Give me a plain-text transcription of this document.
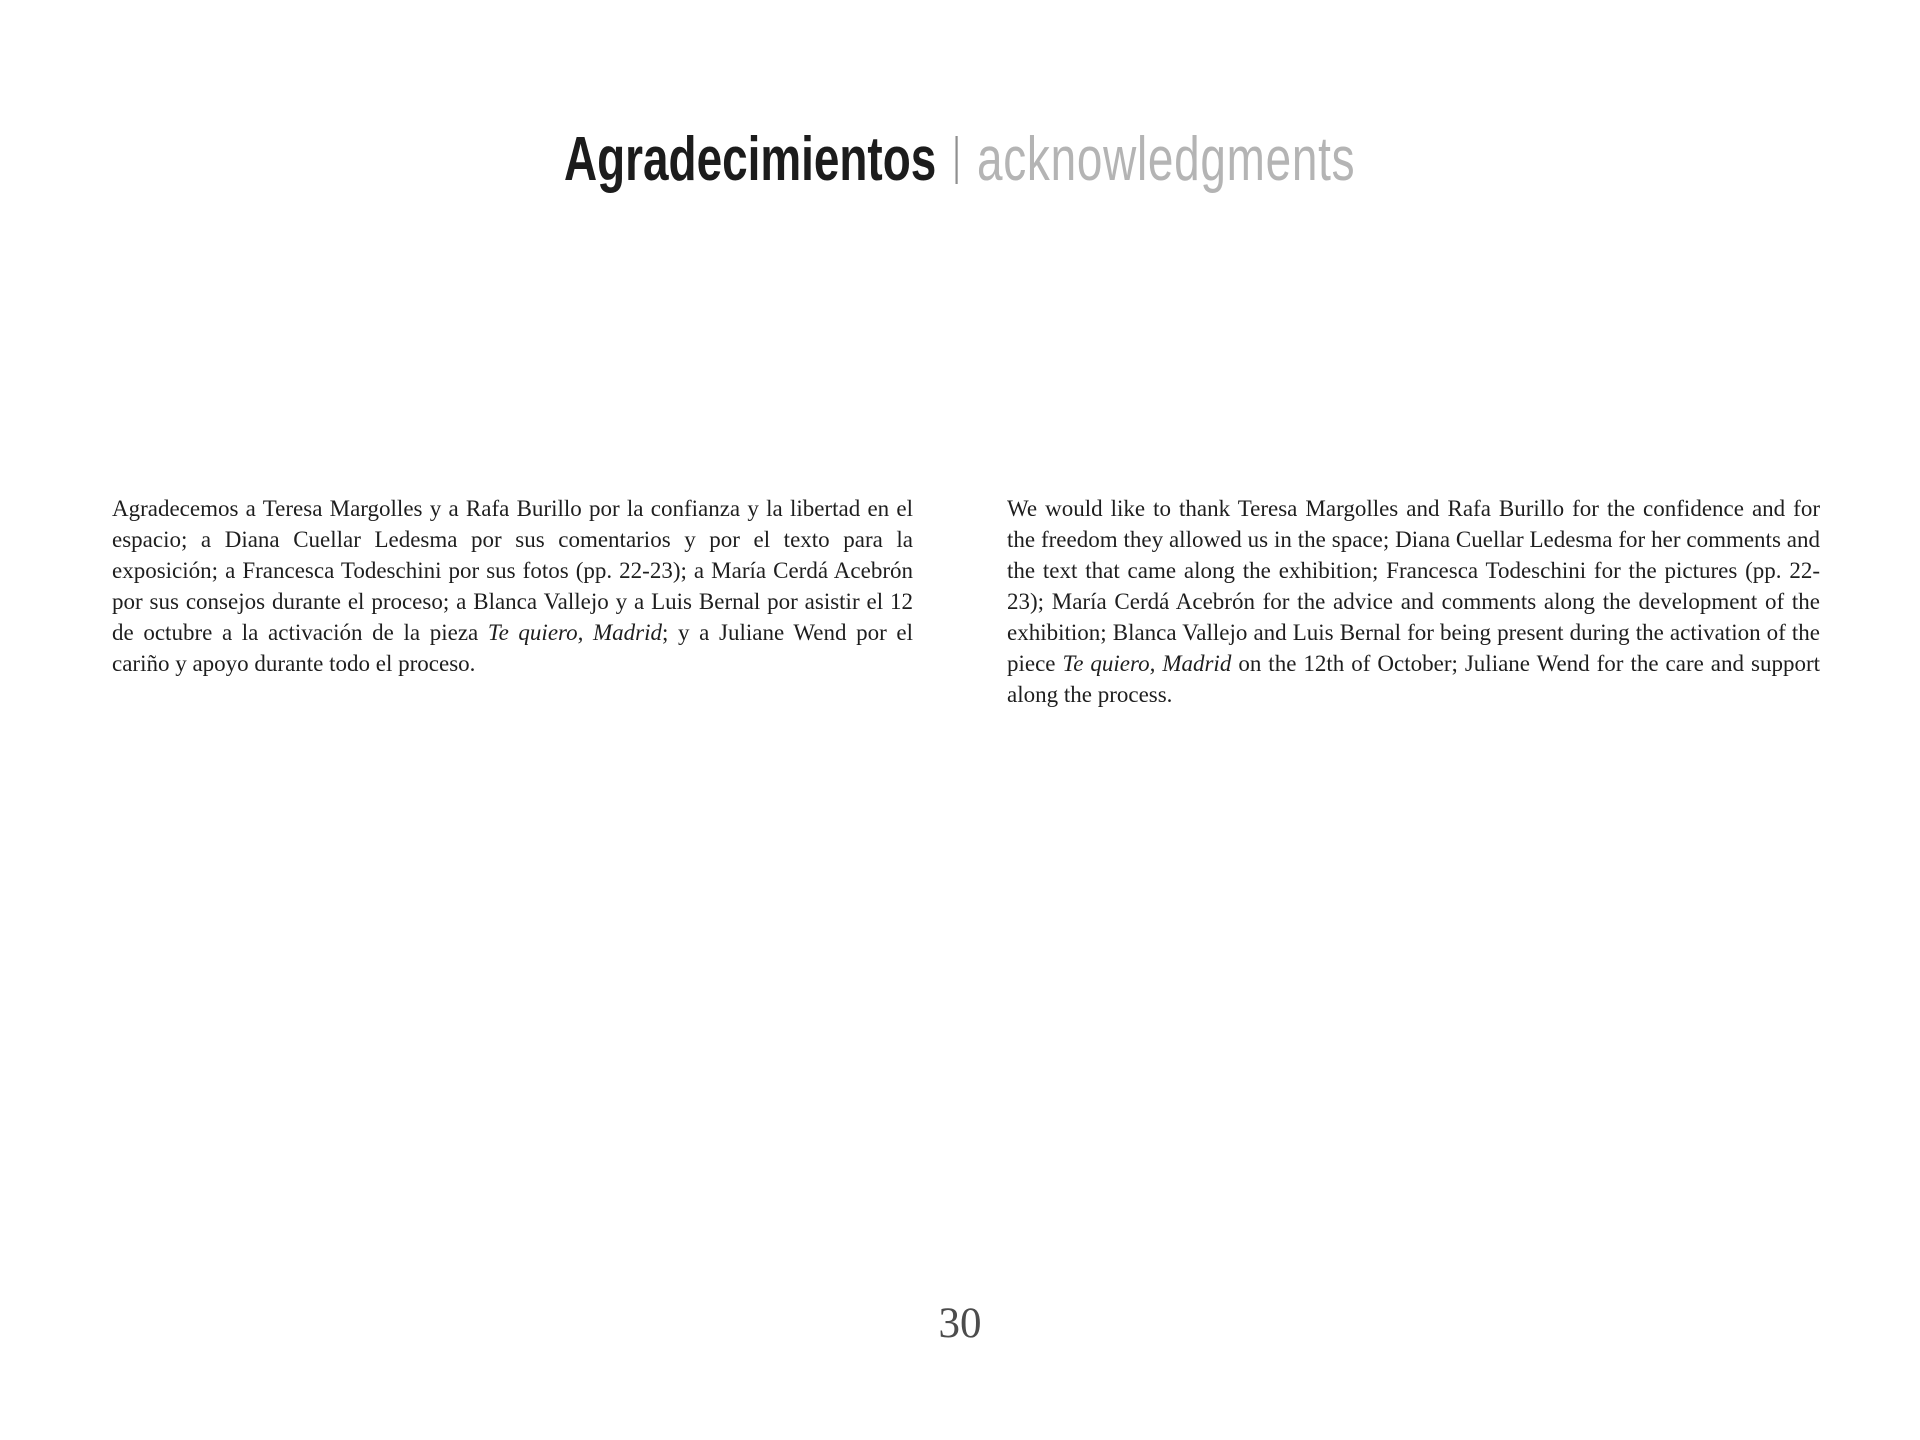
Agradecimientos acknowledgments

Agradecemos a Teresa Margolles y a Rafa Burillo por la confianza y la libertad en el espacio; a Diana Cuellar Ledesma por sus comentarios y por el texto para la exposición; a Francesca Todeschini por sus fotos (pp. 22-23); a María Cerdá Acebrón por sus consejos durante el proceso; a Blanca Vallejo y a Luis Bernal por asistir el 12 de octubre a la activación de la pieza Te quiero, Madrid; y a Juliane Wend por el cariño y apoyo durante todo el proceso.

We would like to thank Teresa Margolles and Rafa Burillo for the confidence and for the freedom they allowed us in the space; Diana Cuellar Ledesma for her comments and the text that came along the exhibition; Francesca Todeschini for the pictures (pp. 22-23); María Cerdá Acebrón for the advice and comments along the development of the exhibition; Blanca Vallejo and Luis Bernal for being present during the activation of the piece Te quiero, Madrid on the 12th of October; Juliane Wend for the care and support along the process.

30
